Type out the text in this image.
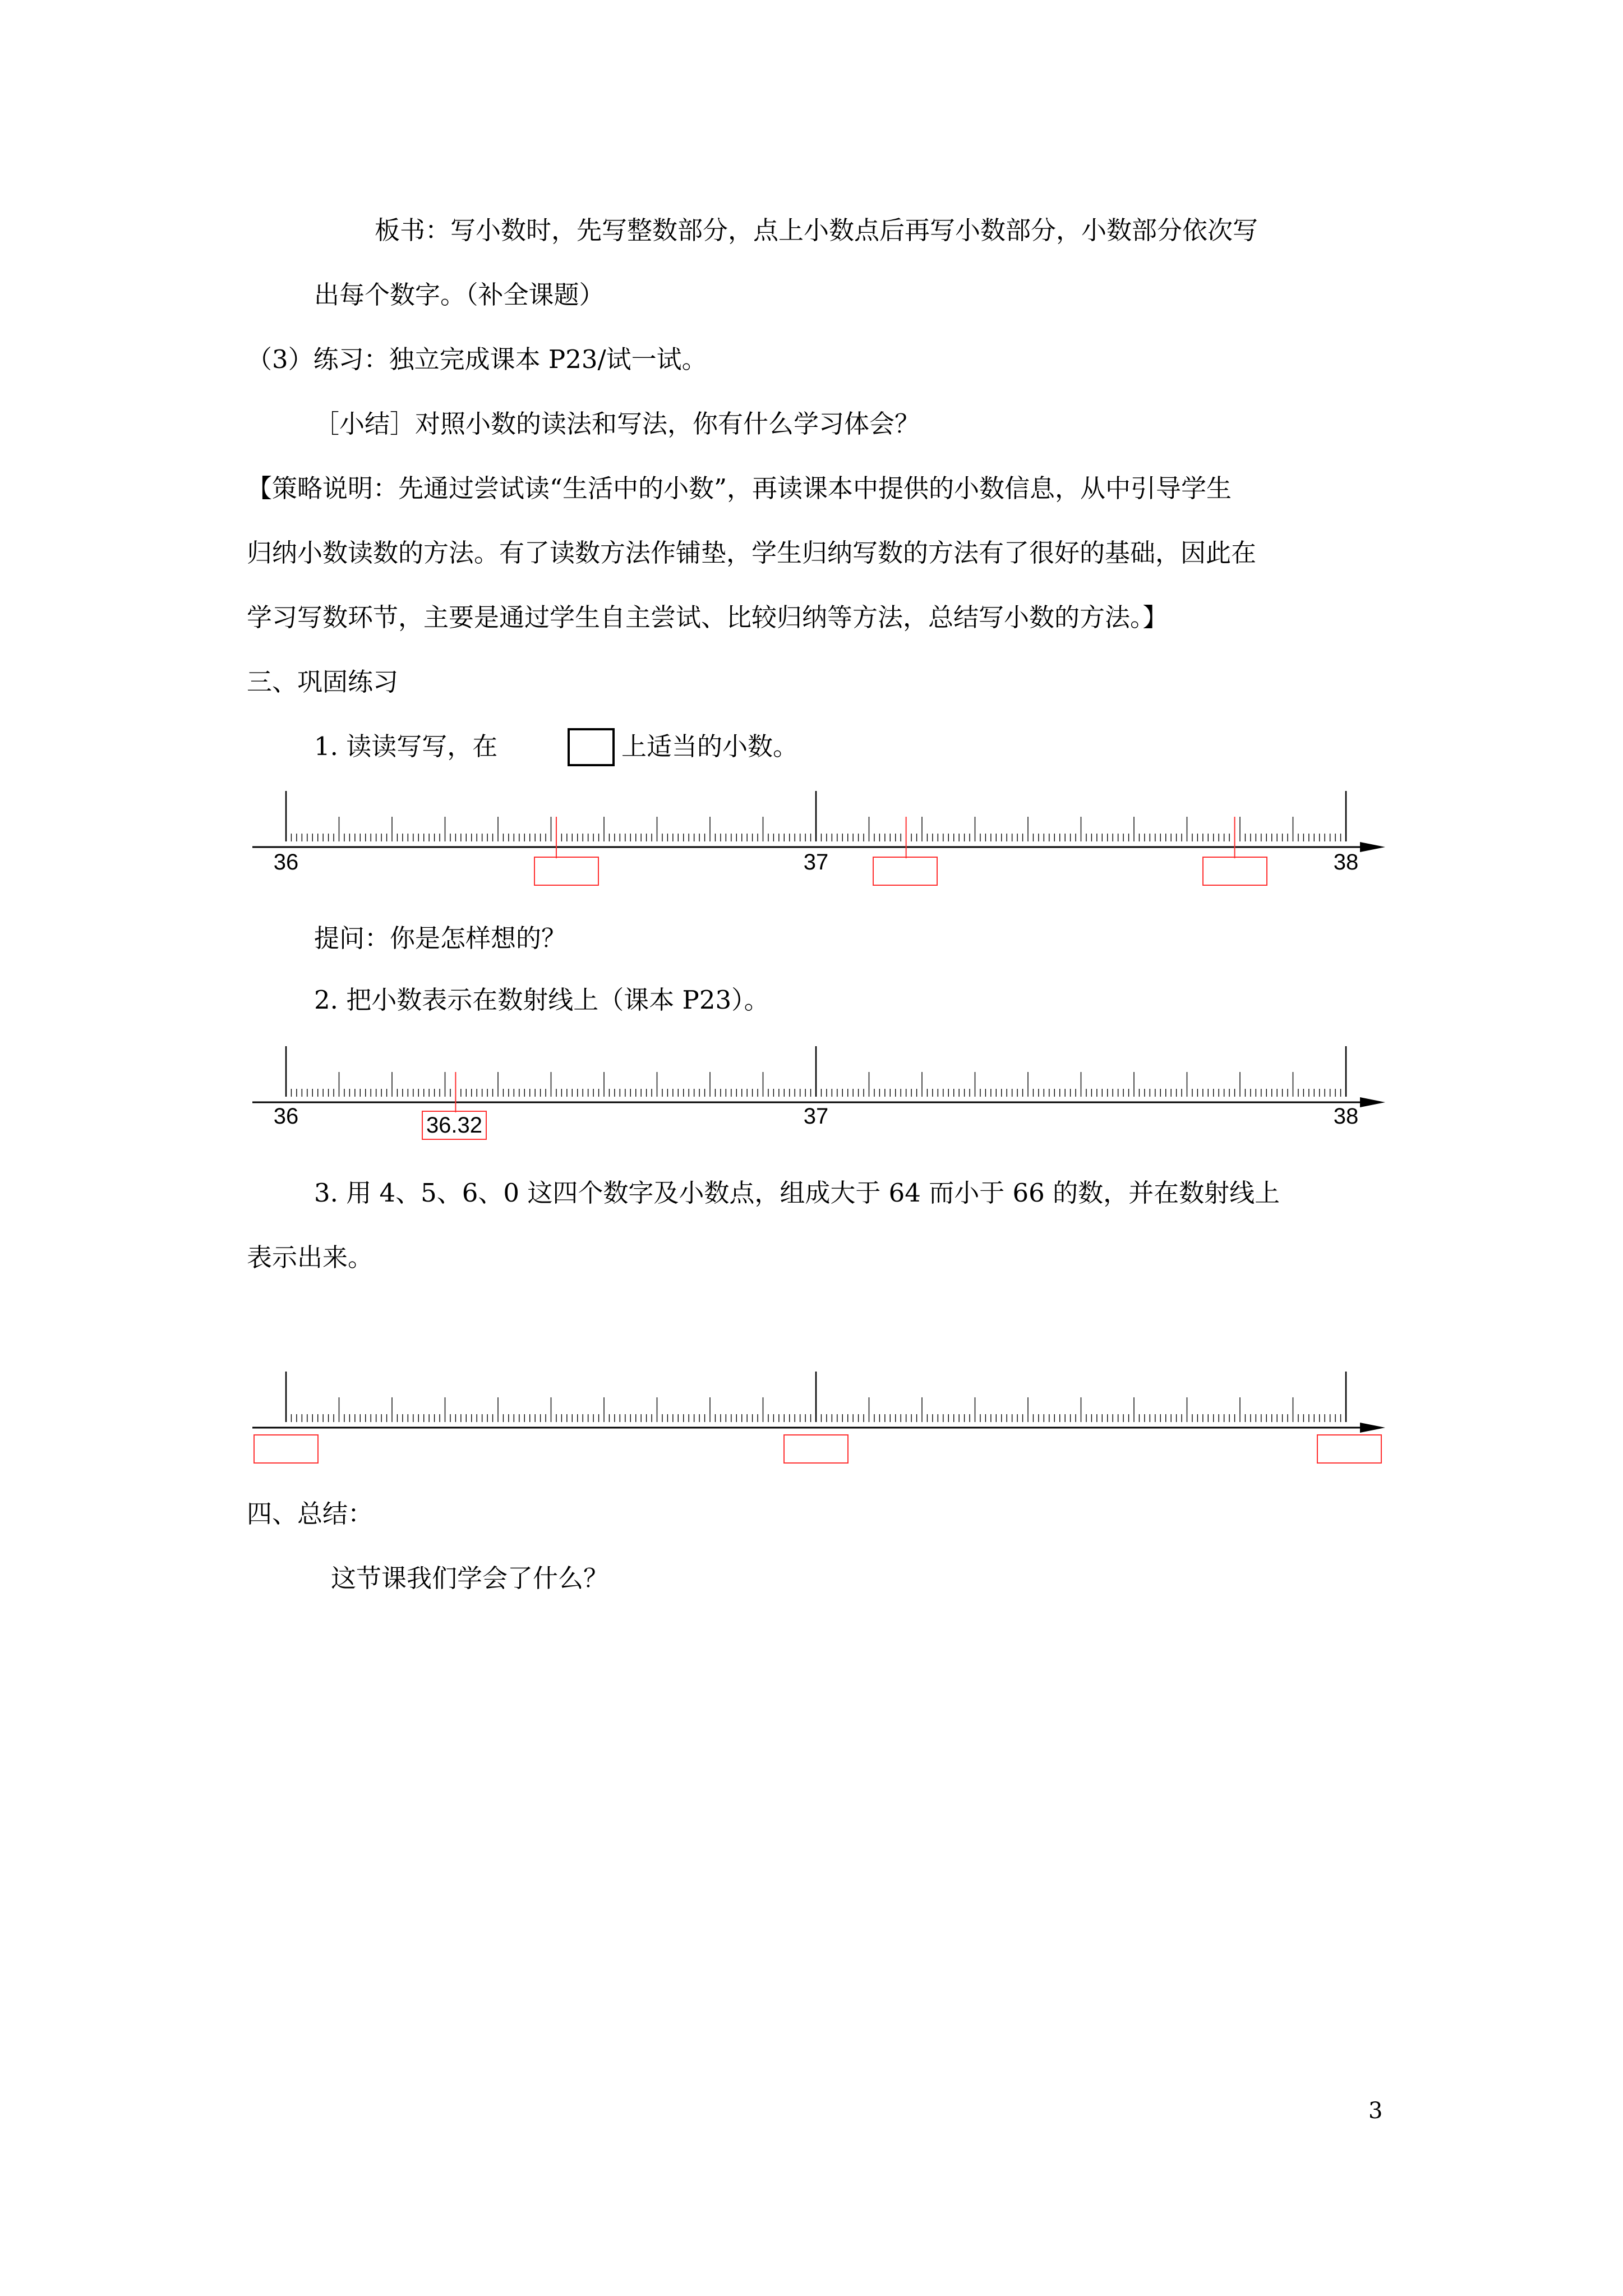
板书：写小数时，先写整数部分，点上小数点后再写小数部分，小数部分依次写
出每个数字。（补全课题）
（3）练习：独立完成课本 P23/试一试。
［小结］对照小数的读法和写法，你有什么学习体会？
【策略说明：先通过尝试读“生活中的小数”，再读课本中提供的小数信息，从中引导学生
归纳小数读数的方法。有了读数方法作铺垫，学生归纳写数的方法有了很好的基础，因此在
学习写数环节，主要是通过学生自主尝试、比较归纳等方法，总结写小数的方法。】
三、巩固练习
1. 读读写写，在	上适当的小数。
36	37	38
提问：你是怎样想的？
2. 把小数表示在数射线上（课本 P23）。
36	37	38
36.32
3. 用 4、5、6、0 这四个数字及小数点，组成大于 64 而小于 66 的数，并在数射线上
表示出来。
四、总结：
这节课我们学会了什么？
3
